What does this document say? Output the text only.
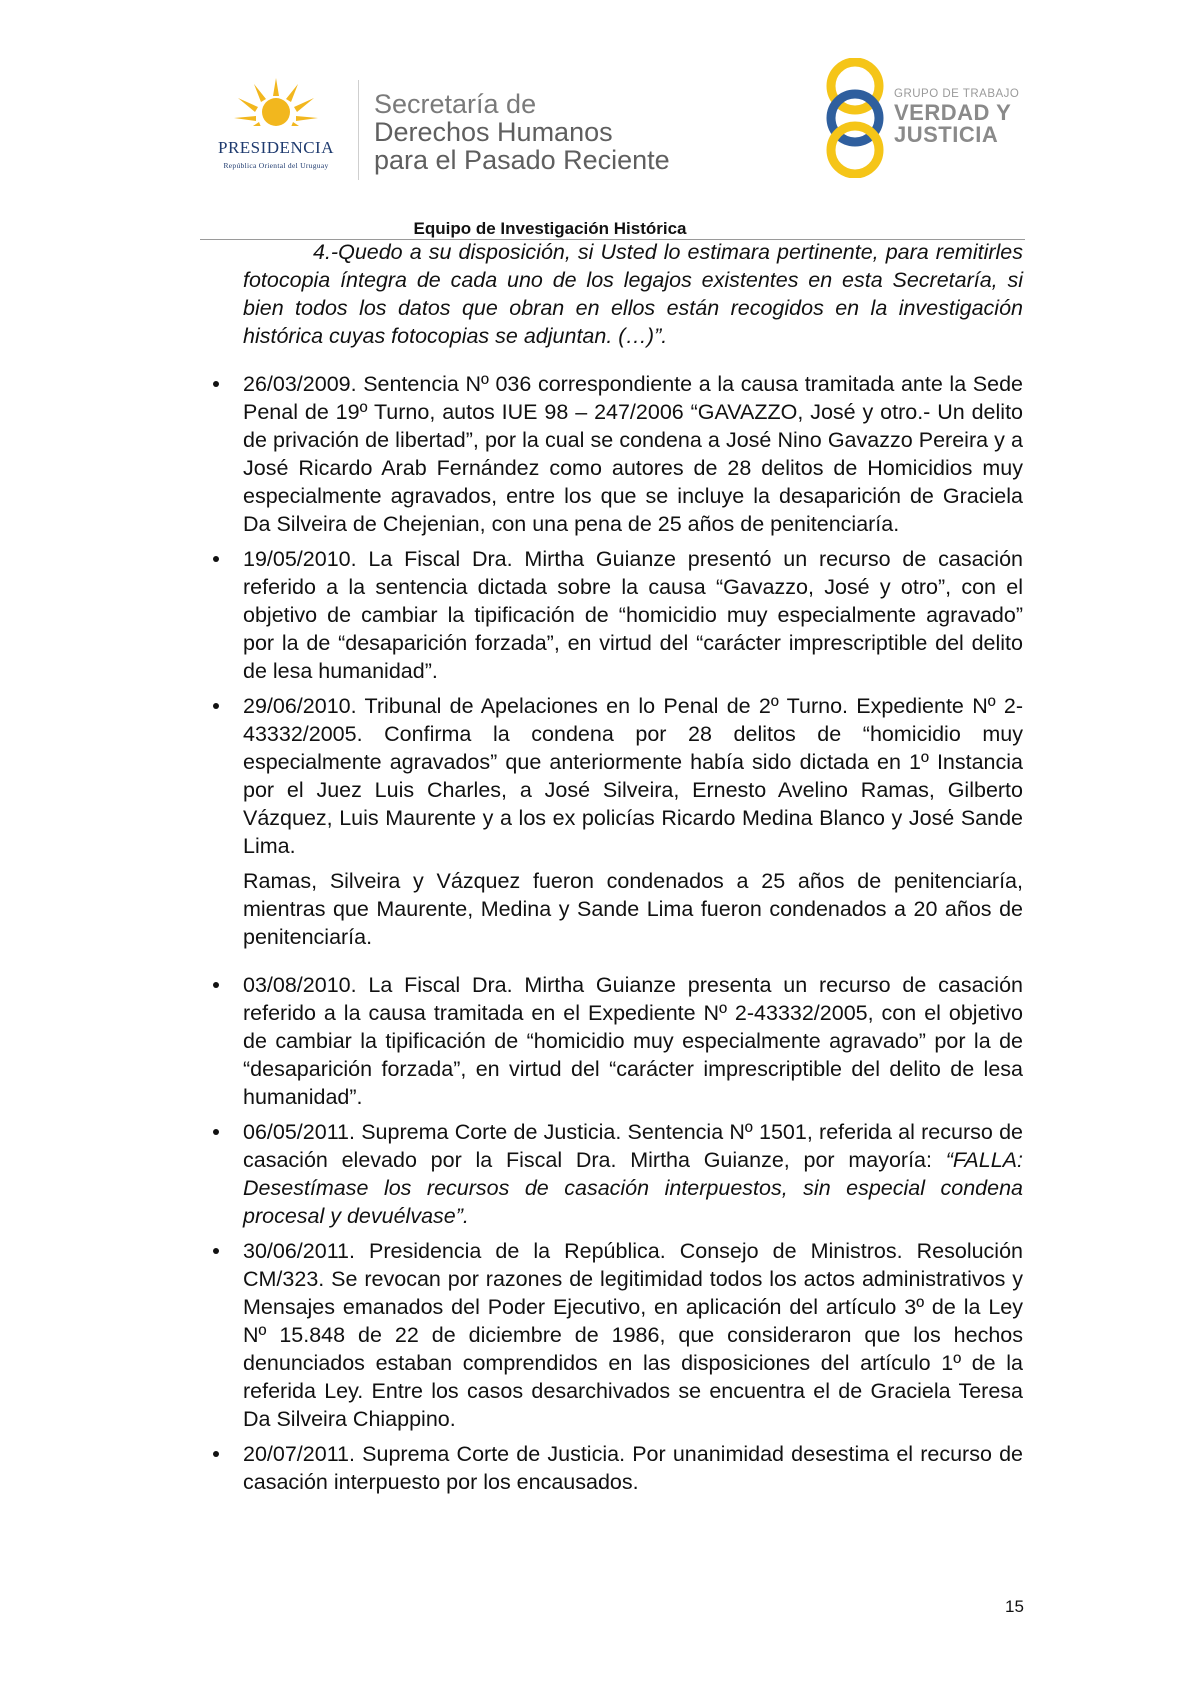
PRESIDENCIA
República Oriental del Uruguay
Secretaría de
Derechos Humanos
para el Pasado Reciente
GRUPO DE TRABAJO
VERDAD Y
JUSTICIA
Equipo de Investigación Histórica

4.-Quedo a su disposición, si Usted lo estimara pertinente, para remitirles fotocopia íntegra de cada uno de los legajos existentes en esta Secretaría, si bien todos los datos que obran en ellos están recogidos en la investigación histórica cuyas fotocopias se adjuntan. (…)”.

26/03/2009. Sentencia Nº 036 correspondiente a la causa tramitada ante la Sede Penal de 19º Turno, autos IUE 98 – 247/2006 “GAVAZZO, José y otro.- Un delito de privación de libertad”, por la cual se condena a José Nino Gavazzo Pereira y a José Ricardo Arab Fernández como autores de 28 delitos de Homicidios muy especialmente agravados, entre los que se incluye la desaparición de Graciela Da Silveira de Chejenian, con una pena de 25 años de penitenciaría.

19/05/2010. La Fiscal Dra. Mirtha Guianze presentó un recurso de casación referido a la sentencia dictada sobre la causa “Gavazzo, José y otro”, con el objetivo de cambiar la tipificación de “homicidio muy especialmente agravado” por la de “desaparición forzada”, en virtud del “carácter imprescriptible del delito de lesa humanidad”.

29/06/2010. Tribunal de Apelaciones en lo Penal de 2º Turno. Expediente Nº 2-43332/2005. Confirma la condena por 28 delitos de “homicidio muy especialmente agravados” que anteriormente había sido dictada en 1º Instancia por el Juez Luis Charles, a José Silveira, Ernesto Avelino Ramas, Gilberto Vázquez, Luis Maurente y a los ex policías Ricardo Medina Blanco y José Sande Lima.

Ramas, Silveira y Vázquez fueron condenados a 25 años de penitenciaría, mientras que Maurente, Medina y Sande Lima fueron condenados a 20 años de penitenciaría.

03/08/2010. La Fiscal Dra. Mirtha Guianze presenta un recurso de casación referido a la causa tramitada en el Expediente Nº 2-43332/2005, con el objetivo de cambiar la tipificación de “homicidio muy especialmente agravado” por la de “desaparición forzada”, en virtud del “carácter imprescriptible del delito de lesa humanidad”.

06/05/2011. Suprema Corte de Justicia. Sentencia Nº 1501, referida al recurso de casación elevado por la Fiscal Dra. Mirtha Guianze, por mayoría: “FALLA: Desestímase los recursos de casación interpuestos, sin especial condena procesal y devuélvase”.

30/06/2011. Presidencia de la República. Consejo de Ministros. Resolución CM/323. Se revocan por razones de legitimidad todos los actos administrativos y Mensajes emanados del Poder Ejecutivo, en aplicación del artículo 3º de la Ley Nº 15.848 de 22 de diciembre de 1986, que consideraron que los hechos denunciados estaban comprendidos en las disposiciones del artículo 1º de la referida Ley. Entre los casos desarchivados se encuentra el de Graciela Teresa Da Silveira Chiappino.

20/07/2011. Suprema Corte de Justicia. Por unanimidad desestima el recurso de casación interpuesto por los encausados.

15
